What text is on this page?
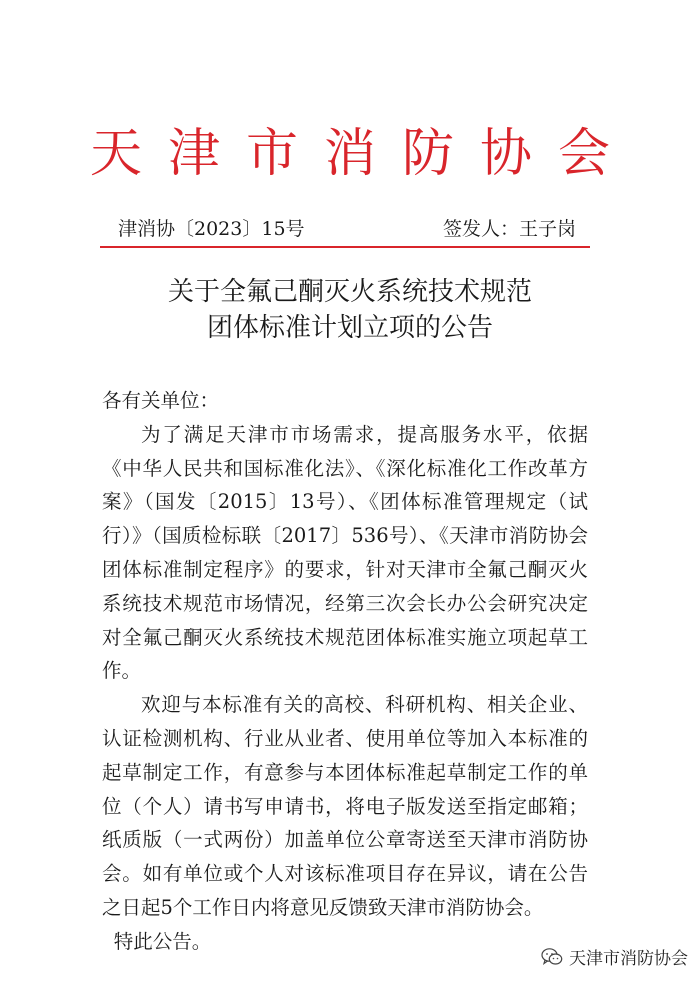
天津市消防协会
津消协〔2023〕15号	签发人：王子岗
关于全氟己酮灭火系统技术规范
团体标准计划立项的公告

各有关单位：

为了满足天津市市场需求，提高服务水平，依据《中华人民共和国标准化法》、《深化标准化工作改革方案》（国发〔2015〕13号）、《团体标准管理规定（试行）》（国质检标联〔2017〕536号）、《天津市消防协会团体标准制定程序》的要求，针对天津市全氟己酮灭火系统技术规范市场情况，经第三次会长办公会研究决定对全氟己酮灭火系统技术规范团体标准实施立项起草工作。

欢迎与本标准有关的高校、科研机构、相关企业、认证检测机构、行业从业者、使用单位等加入本标准的起草制定工作，有意参与本团体标准起草制定工作的单位（个人）请书写申请书，将电子版发送至指定邮箱；纸质版（一式两份）加盖单位公章寄送至天津市消防协会。如有单位或个人对该标准项目存在异议，请在公告之日起5个工作日内将意见反馈致天津市消防协会。

特此公告。

天津市消防协会
